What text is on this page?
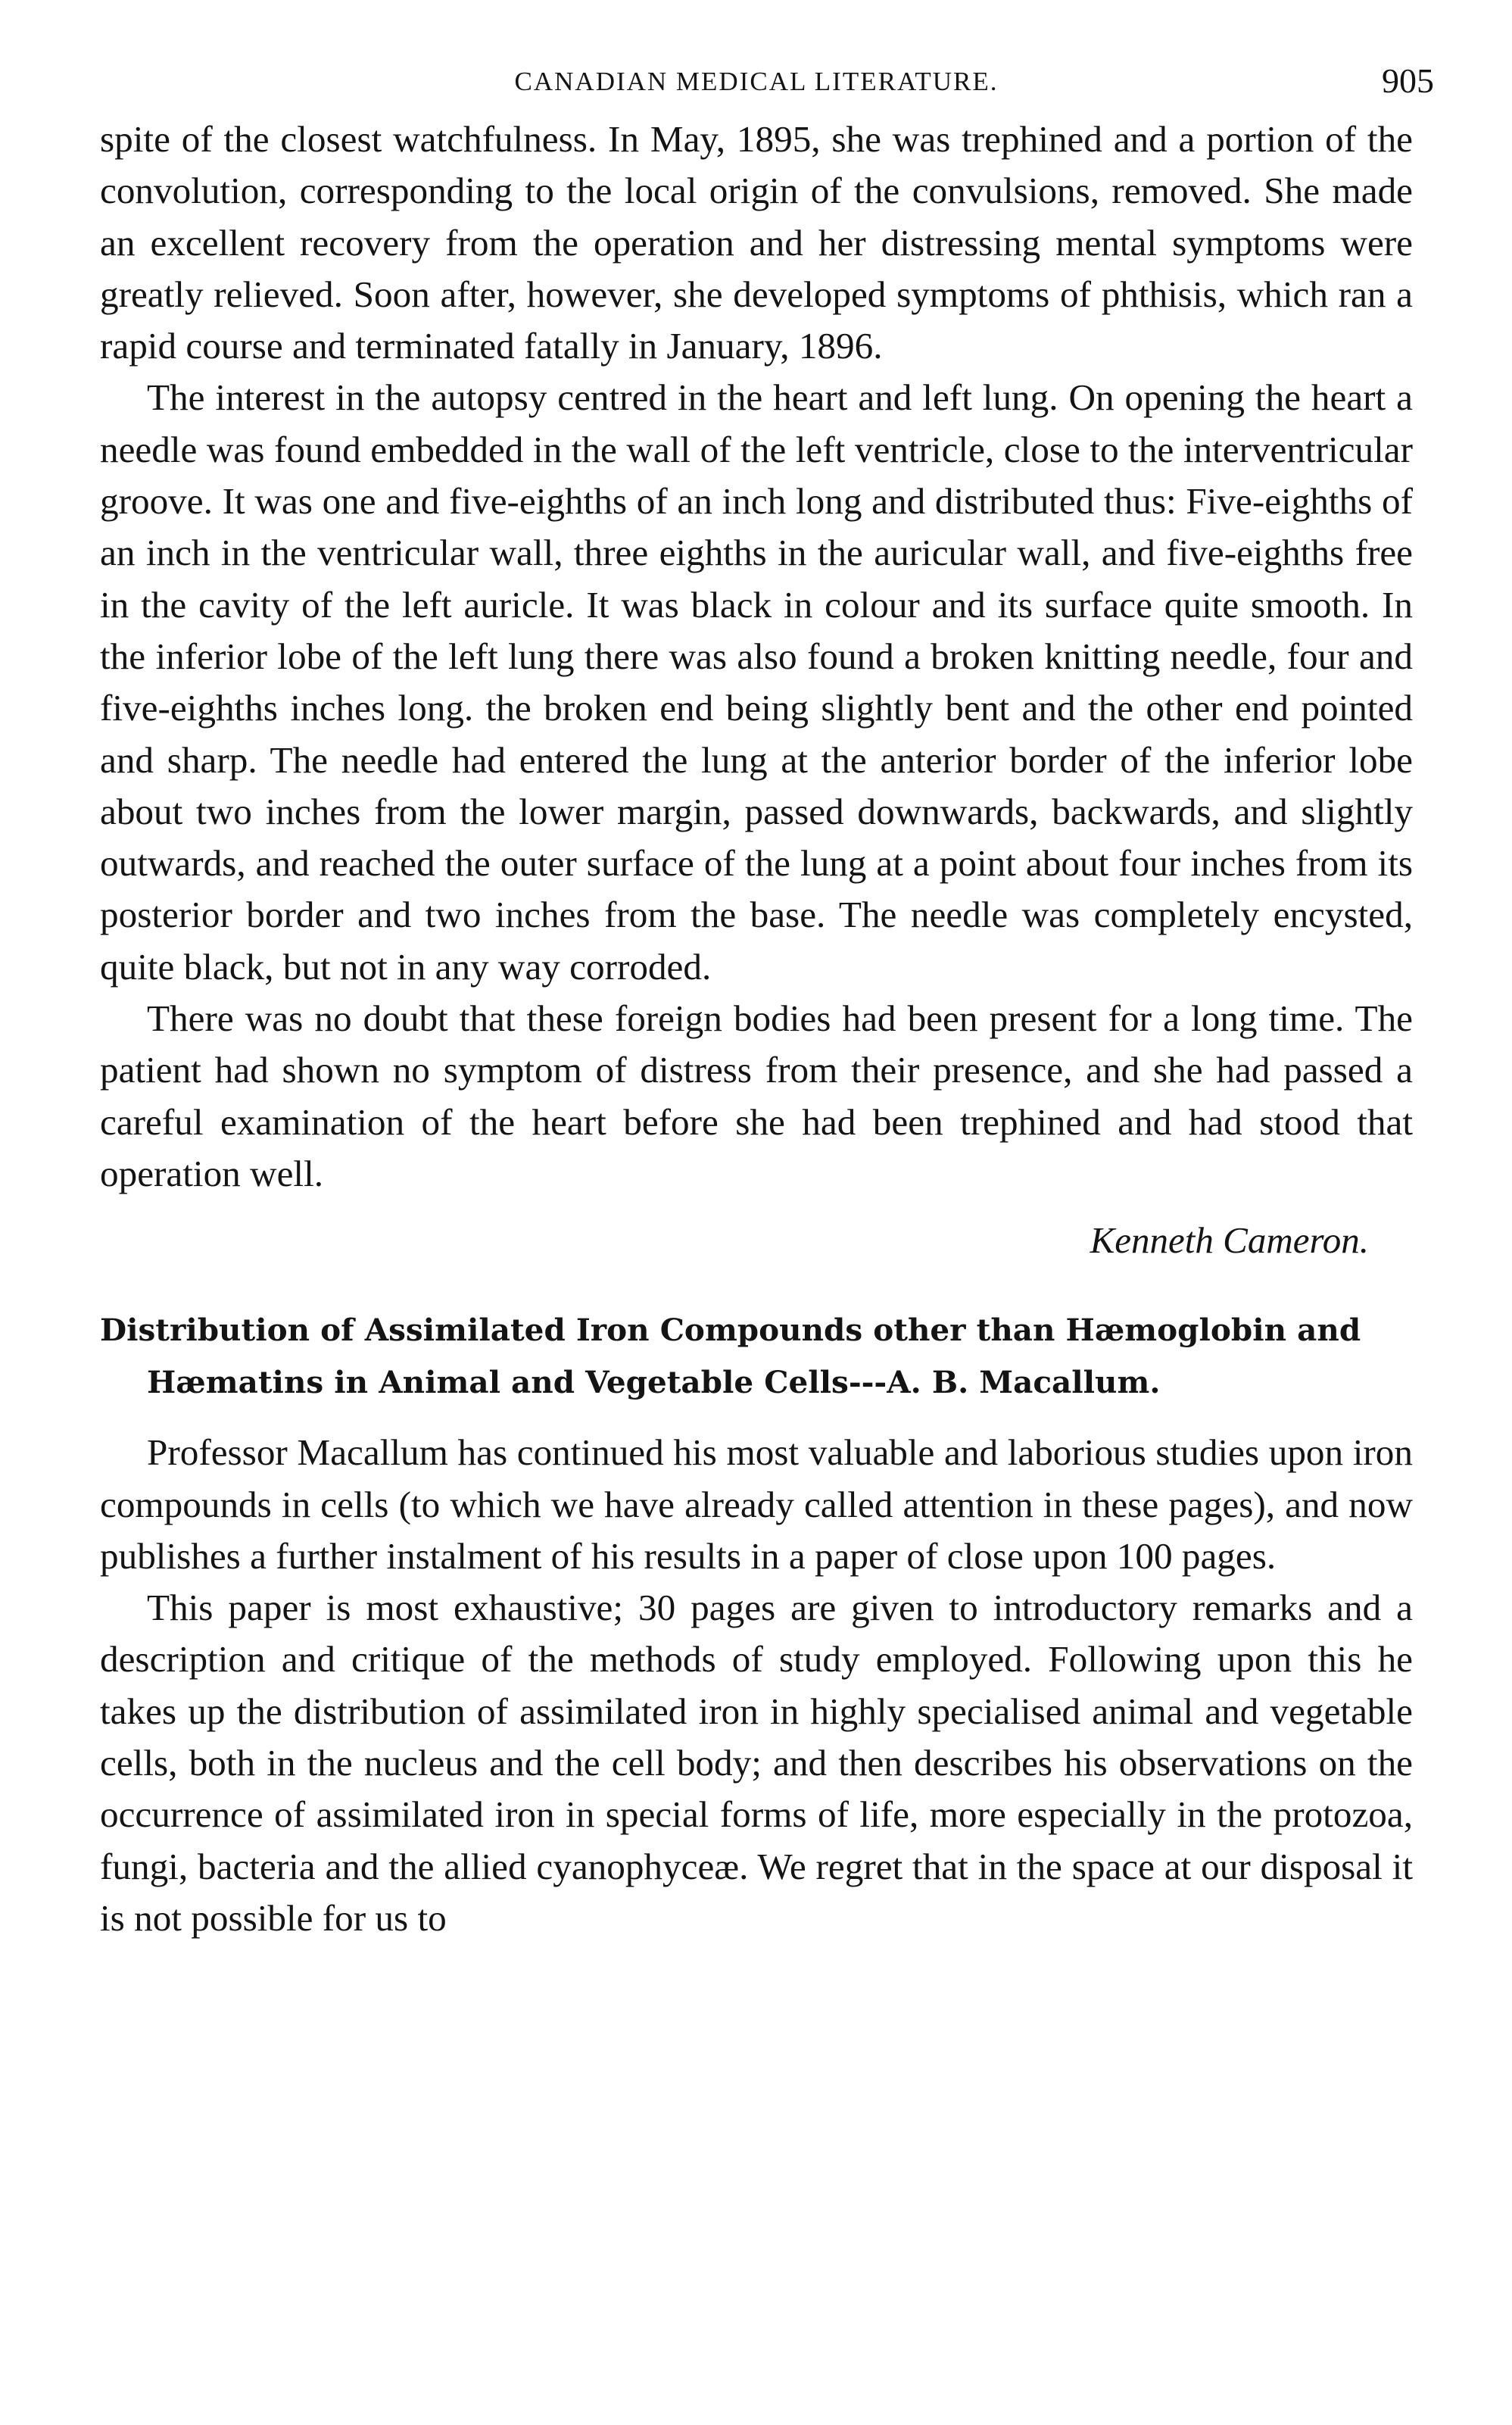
CANADIAN MEDICAL LITERATURE.	905

spite of the closest watchfulness. In May, 1895, she was trephined and a portion of the convolution, corresponding to the local origin of the convulsions, removed. She made an excellent recovery from the operation and her distressing mental symptoms were greatly relieved. Soon after, however, she developed symptoms of phthisis, which ran a rapid course and terminated fatally in January, 1896.

The interest in the autopsy centred in the heart and left lung. On opening the heart a needle was found embedded in the wall of the left ventricle, close to the interventricular groove. It was one and five-eighths of an inch long and distributed thus: Five-eighths of an inch in the ventricular wall, three eighths in the auricular wall, and five-eighths free in the cavity of the left auricle. It was black in colour and its surface quite smooth. In the inferior lobe of the left lung there was also found a broken knitting needle, four and five-eighths inches long. the broken end being slightly bent and the other end pointed and sharp. The needle had entered the lung at the anterior border of the inferior lobe about two inches from the lower margin, passed downwards, backwards, and slightly outwards, and reached the outer surface of the lung at a point about four inches from its posterior border and two inches from the base. The needle was completely encysted, quite black, but not in any way corroded.

There was no doubt that these foreign bodies had been present for a long time. The patient had shown no symptom of distress from their presence, and she had passed a careful examination of the heart before she had been trephined and had stood that operation well.

Kenneth Cameron.
Distribution of Assimilated Iron Compounds other than Hæmoglobin and Hæmatins in Animal and Vegetable Cells---A. B. Macallum.

Professor Macallum has continued his most valuable and laborious studies upon iron compounds in cells (to which we have already called attention in these pages), and now publishes a further instalment of his results in a paper of close upon 100 pages.

This paper is most exhaustive; 30 pages are given to introductory remarks and a description and critique of the methods of study employed. Following upon this he takes up the distribution of assimilated iron in highly specialised animal and vegetable cells, both in the nucleus and the cell body; and then describes his observations on the occurrence of assimilated iron in special forms of life, more especially in the protozoa, fungi, bacteria and the allied cyanophyceæ. We regret that in the space at our disposal it is not possible for us to
